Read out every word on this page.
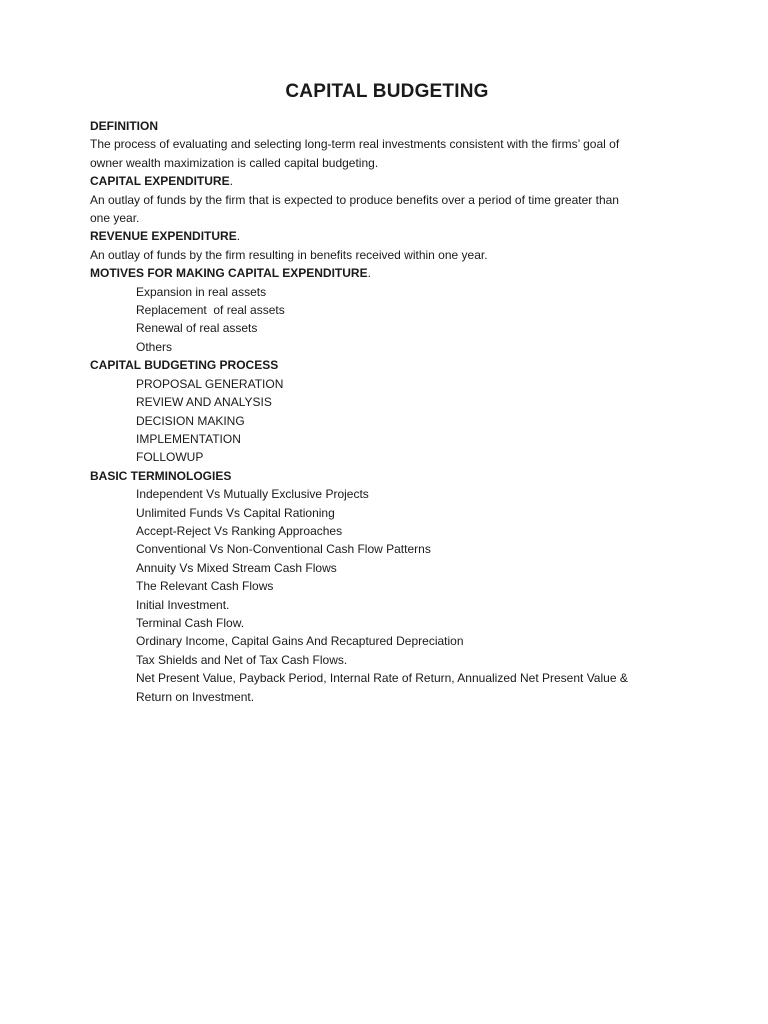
CAPITAL BUDGETING
DEFINITION
The process of evaluating and selecting long-term real investments consistent with the firms’ goal of
owner wealth maximization is called capital budgeting.
CAPITAL EXPENDITURE.
An outlay of funds by the firm that is expected to produce benefits over a period of time greater than
one year.
REVENUE EXPENDITURE.
An outlay of funds by the firm resulting in benefits received within one year.
MOTIVES FOR MAKING CAPITAL EXPENDITURE.
Expansion in real assets
Replacement  of real assets
Renewal of real assets
Others
CAPITAL BUDGETING PROCESS
PROPOSAL GENERATION
REVIEW AND ANALYSIS
DECISION MAKING
IMPLEMENTATION
FOLLOWUP
BASIC TERMINOLOGIES
Independent Vs Mutually Exclusive Projects
Unlimited Funds Vs Capital Rationing
Accept-Reject Vs Ranking Approaches
Conventional Vs Non-Conventional Cash Flow Patterns
Annuity Vs Mixed Stream Cash Flows
The Relevant Cash Flows
Initial Investment.
Terminal Cash Flow.
Ordinary Income, Capital Gains And Recaptured Depreciation
Tax Shields and Net of Tax Cash Flows.
Net Present Value, Payback Period, Internal Rate of Return, Annualized Net Present Value &
Return on Investment.
